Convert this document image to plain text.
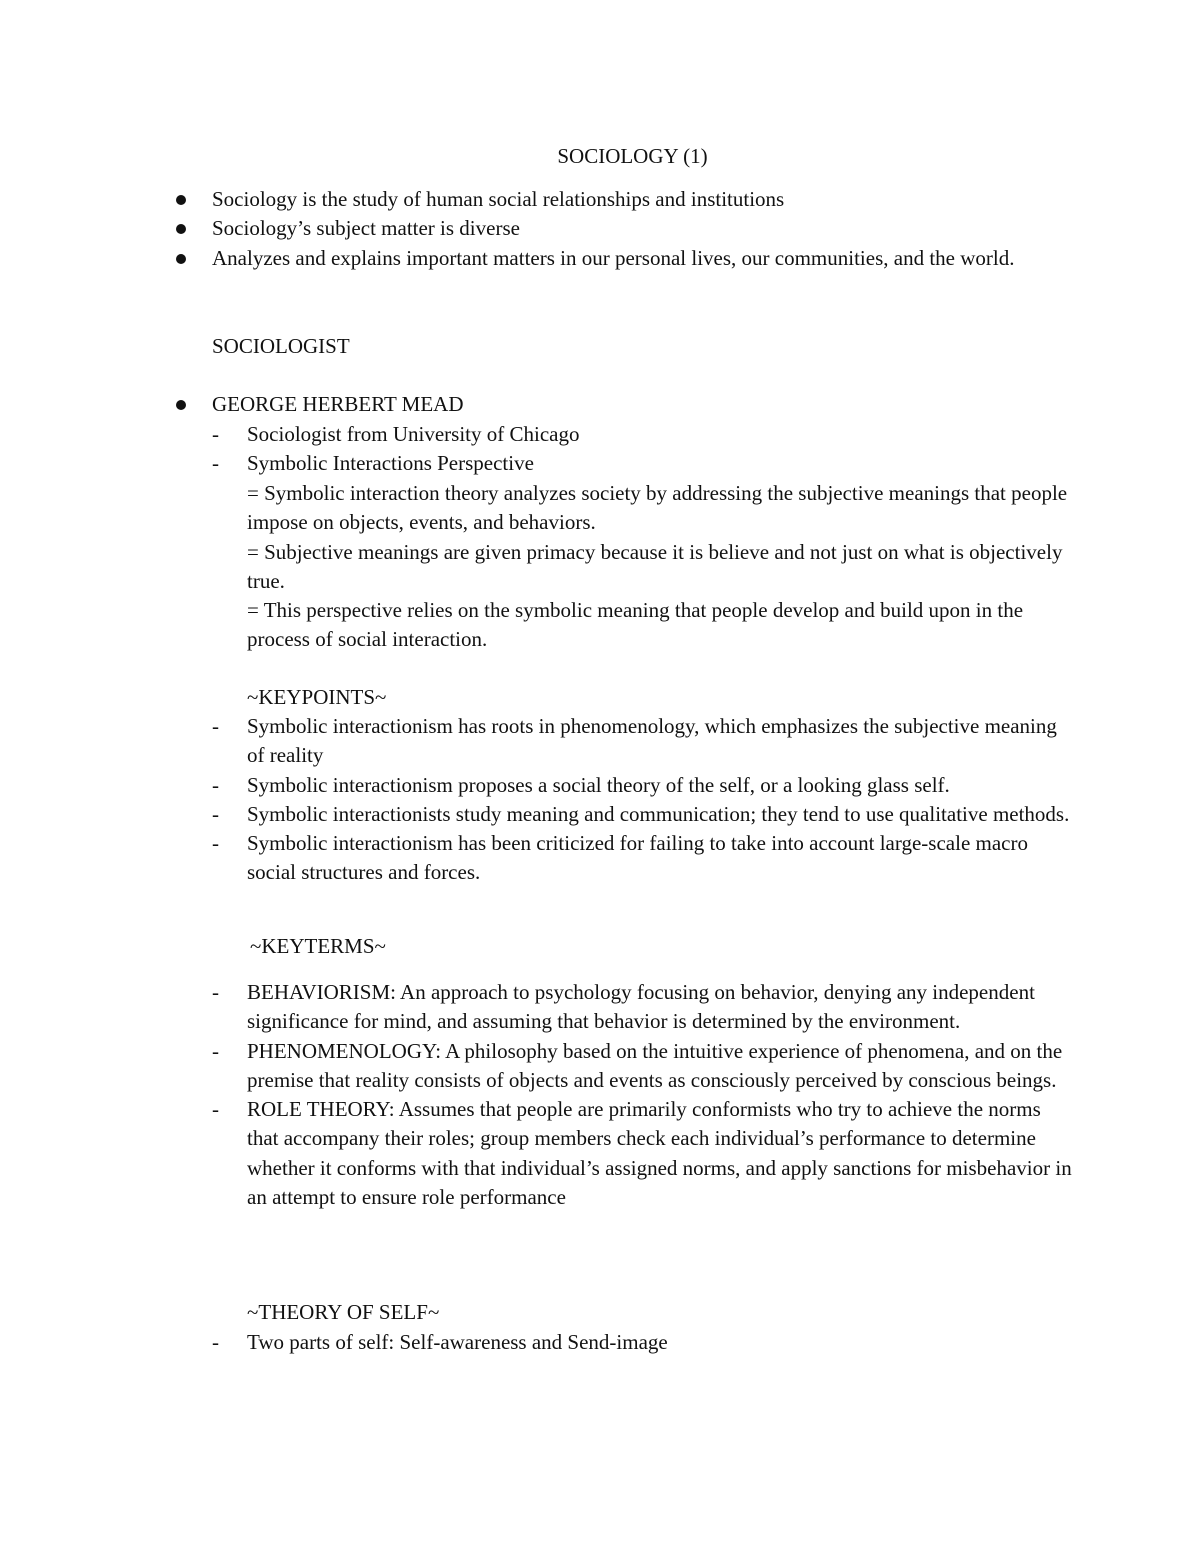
SOCIOLOGY (1)
Sociology is the study of human social relationships and institutions
Sociology’s subject matter is diverse
Analyzes and explains important matters in our personal lives, our communities, and the world.
SOCIOLOGIST
GEORGE HERBERT MEAD
- Sociologist from University of Chicago
- Symbolic Interactions Perspective
= Symbolic interaction theory analyzes society by addressing the subjective meanings that people impose on objects, events, and behaviors.
= Subjective meanings are given primacy because it is believe and not just on what is objectively true.
= This perspective relies on the symbolic meaning that people develop and build upon in the process of social interaction.
~KEYPOINTS~
- Symbolic interactionism has roots in phenomenology, which emphasizes the subjective meaning of reality
- Symbolic interactionism proposes a social theory of the self, or a looking glass self.
- Symbolic interactionists study meaning and communication; they tend to use qualitative methods.
- Symbolic interactionism has been criticized for failing to take into account large-scale macro social structures and forces.
~KEYTERMS~
- BEHAVIORISM: An approach to psychology focusing on behavior, denying any independent significance for mind, and assuming that behavior is determined by the environment.
- PHENOMENOLOGY: A philosophy based on the intuitive experience of phenomena, and on the premise that reality consists of objects and events as consciously perceived by conscious beings.
- ROLE THEORY: Assumes that people are primarily conformists who try to achieve the norms that accompany their roles; group members check each individual’s performance to determine whether it conforms with that individual’s assigned norms, and apply sanctions for misbehavior in an attempt to ensure role performance
~THEORY OF SELF~
- Two parts of self: Self-awareness and Send-image
